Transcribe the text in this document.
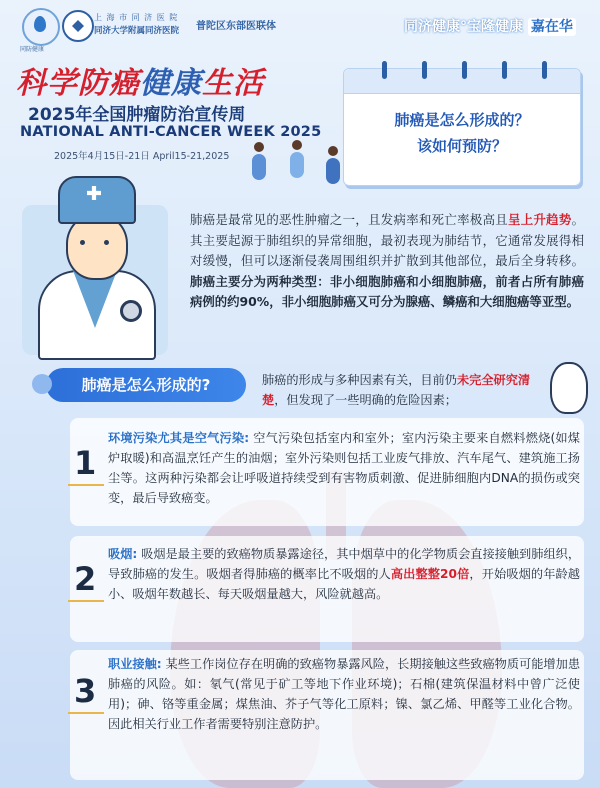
同防健康
上 海 市 同 济 医 院
同济大学附属同济医院 普陀区东部医联体	同济健康°宝隆健康 嘉在华
科学防癌健康生活
2025年全国肿瘤防治宣传周
NATIONAL ANTI-CANCER WEEK 2025
2025年4月15日-21日 April15-21,2025
肺癌是怎么形成的？
该如何预防？
肺癌是最常见的恶性肿瘤之一，且发病率和死亡率极高且呈上升趋势。其主要起源于肺组织的异常细胞，最初表现为肺结节，它通常发展得相对缓慢，但可以逐渐侵袭周围组织并扩散到其他部位，最后全身转移。肺癌主要分为两种类型：非小细胞肺癌和小细胞肺癌，前者占所有肺癌病例的约90%，非小细胞肺癌又可分为腺癌、鳞癌和大细胞癌等亚型。
肺癌是怎么形成的?	肺癌的形成与多种因素有关，目前仍未完全研究清楚，但发现了一些明确的危险因素；
1
环境污染尤其是空气污染: 空气污染包括室内和室外；室内污染主要来自燃料燃烧(如煤炉取暖)和高温烹饪产生的油烟；室外污染则包括工业废气排放、汽车尾气、建筑施工扬尘等。这两种污染都会让呼吸道持续受到有害物质刺激、促进肺细胞内DNA的损伤或突变，最后导致癌变。
2
吸烟: 吸烟是最主要的致癌物质暴露途径，其中烟草中的化学物质会直接接触到肺组织，导致肺癌的发生。吸烟者得肺癌的概率比不吸烟的人高出整整20倍，开始吸烟的年龄越小、吸烟年数越长、每天吸烟量越大，风险就越高。
3
职业接触: 某些工作岗位存在明确的致癌物暴露风险，长期接触这些致癌物质可能增加患肺癌的风险。如：氡气(常见于矿工等地下作业环境)；石棉(建筑保温材料中曾广泛使用)；砷、铬等重金属；煤焦油、芥子气等化工原料；镍、氯乙烯、甲醛等工业化合物。因此相关行业工作者需要特别注意防护。
